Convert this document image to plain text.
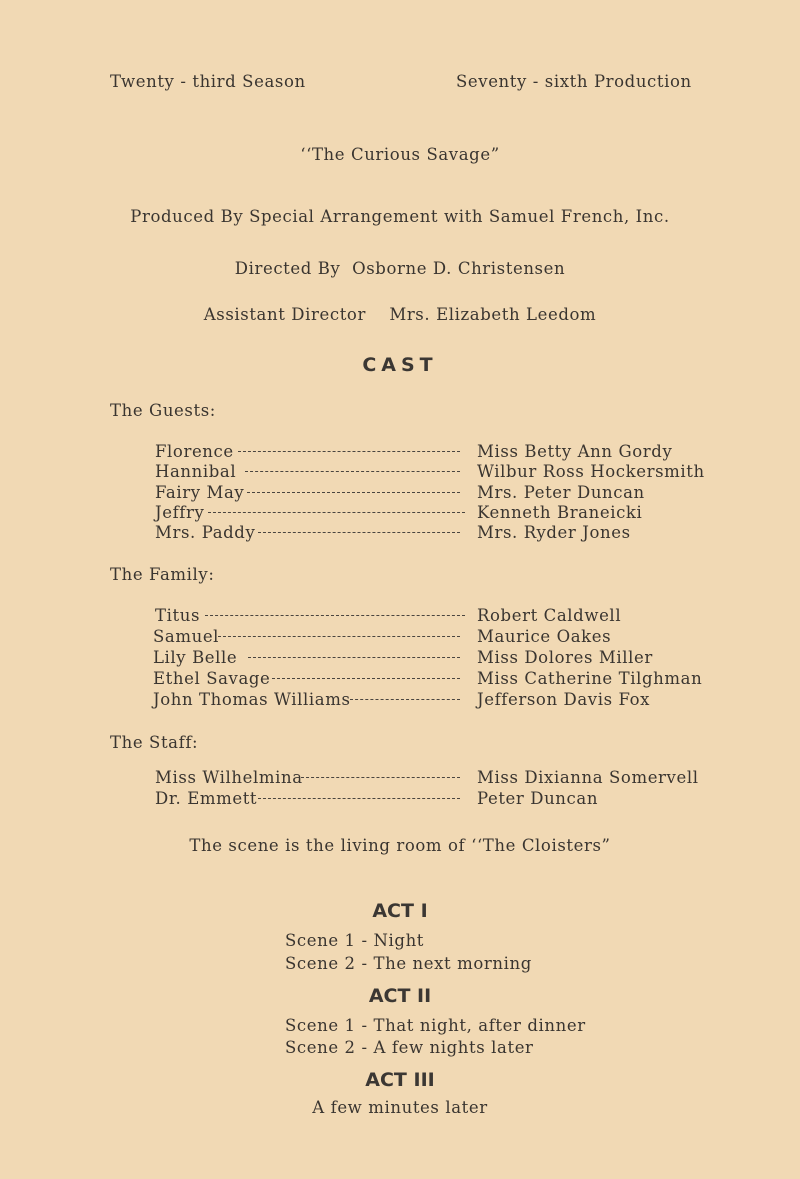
Twenty - third Season	Seventy - sixth Production
‘‘The Curious Savage”
Produced By Special Arrangement with Samuel French, Inc.
Directed By  Osborne D. Christensen
Assistant Director    Mrs. Elizabeth Leedom
CAST
The Guests:
Florence	Miss Betty Ann Gordy
Hannibal	Wilbur Ross Hockersmith
Fairy May	Mrs. Peter Duncan
Jeffry	Kenneth Braneicki
Mrs. Paddy	Mrs. Ryder Jones
The Family:
Titus	Robert Caldwell
Samuel	Maurice Oakes
Lily Belle	Miss Dolores Miller
Ethel Savage	Miss Catherine Tilghman
John Thomas Williams	Jefferson Davis Fox
The Staff:
Miss Wilhelmina	Miss Dixianna Somervell
Dr. Emmett	Peter Duncan
The scene is the living room of ‘‘The Cloisters”
ACT I
Scene 1 - Night
Scene 2 - The next morning
ACT II
Scene 1 - That night, after dinner
Scene 2 - A few nights later
ACT III
A few minutes later
